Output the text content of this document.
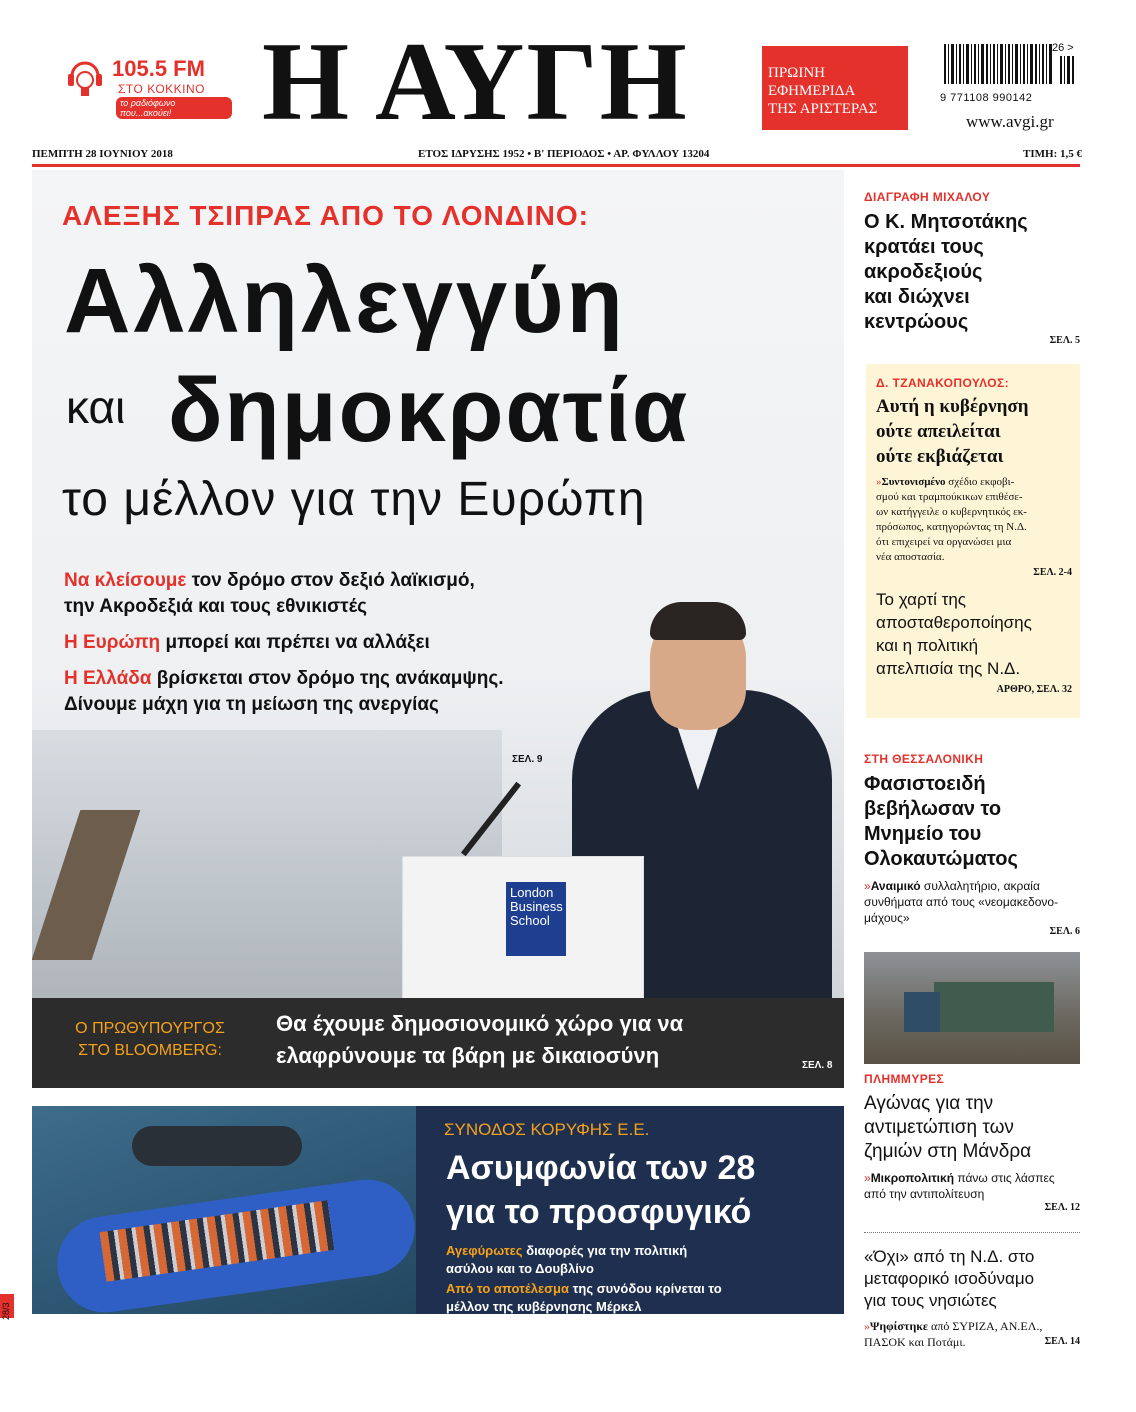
105.5 FM
ΣΤΟ ΚΟΚΚΙΝΟ
το ραδιόφωνο που...ακούει! Η ΑΥΓΗ	ΠΡΩΙΝΗ
ΕΦΗΜΕΡΙΔΑ
ΤΗΣ ΑΡΙΣΤΕΡΑΣ
26 >
9 771108 990142
www.avgi.gr
ΠΕΜΠΤΗ 28 ΙΟΥΝΙΟΥ 2018	ΕΤΟΣ ΙΔΡΥΣΗΣ 1952 • Β' ΠΕΡΙΟΔΟΣ • ΑΡ. ΦΥΛΛΟΥ 13204	ΤΙΜΗ: 1,5 €
London
Business
School
ΑΛΕΞΗΣ ΤΣΙΠΡΑΣ ΑΠΟ ΤΟ ΛΟΝΔΙΝΟ:
Αλληλεγγύη
και δημοκρατία
το μέλλον για την Ευρώπη
Να κλείσουμε τον δρόμο στον δεξιό λαϊκισμό,
την Ακροδεξιά και τους εθνικιστές
Η Ευρώπη μπορεί και πρέπει να αλλάξει
Η Ελλάδα βρίσκεται στον δρόμο της ανάκαμψης.
Δίνουμε μάχη για τη μείωση της ανεργίας
ΣΕΛ. 9
Ο ΠΡΩΘΥΠΟΥΡΓΟΣ
ΣΤΟ BLOOMBERG:
Θα έχουμε δημοσιονομικό χώρο για να
ελαφρύνουμε τα βάρη με δικαιοσύνη	ΣΕΛ. 8
ΣΥΝΟΔΟΣ ΚΟΡΥΦΗΣ Ε.Ε.
Ασυμφωνία των 28
για το προσφυγικό
Αγεφύρωτες διαφορές για την πολιτική
ασύλου και το Δουβλίνο
Από το αποτέλεσμα της συνόδου κρίνεται το
μέλλον της κυβέρνησης Μέρκελ
ΣΕΛ. 16-17
ΔΙΑΓΡΑΦΗ ΜΙΧΑΛΟΥ
Ο Κ. Μητσοτάκης
κρατάει τους
ακροδεξιούς
και διώχνει
κεντρώους
ΣΕΛ. 5
Δ. ΤΖΑΝΑΚΟΠΟΥΛΟΣ:
Αυτή η κυβέρνηση
ούτε απειλείται
ούτε εκβιάζεται
»Συντονισμένο σχέδιο εκφοβι-
σμού και τραμπούκικων επιθέσε-
ων κατήγγειλε ο κυβερνητικός εκ-
πρόσωπος, κατηγορώντας τη Ν.Δ.
ότι επιχειρεί να οργανώσει μια
νέα αποστασία.
ΣΕΛ. 2-4
Το χαρτί της
αποσταθεροποίησης
και η πολιτική
απελπισία της Ν.Δ.
ΑΡΘΡΟ, ΣΕΛ. 32
ΣΤΗ ΘΕΣΣΑΛΟΝΙΚΗ
Φασιστοειδή
βεβήλωσαν το
Μνημείο του
Ολοκαυτώματος
»Αναιμικό συλλαλητήριο, ακραία
συνθήματα από τους «νεομακεδονο-
μάχους»
ΣΕΛ. 6
ΠΛΗΜΜΥΡΕΣ
Αγώνας για την
αντιμετώπιση των
ζημιών στη Μάνδρα
»Μικροπολιτική πάνω στις λάσπες
από την αντιπολίτευση
ΣΕΛ. 12
«Όχι» από τη Ν.Δ. στο
μεταφορικό ισοδύναμο
για τους νησιώτες
»Ψηφίστηκε από ΣΥΡΙΖΑ, ΑΝ.ΕΛ.,
ΠΑΣΟΚ και Ποτάμι.	ΣΕΛ. 14
28/3
